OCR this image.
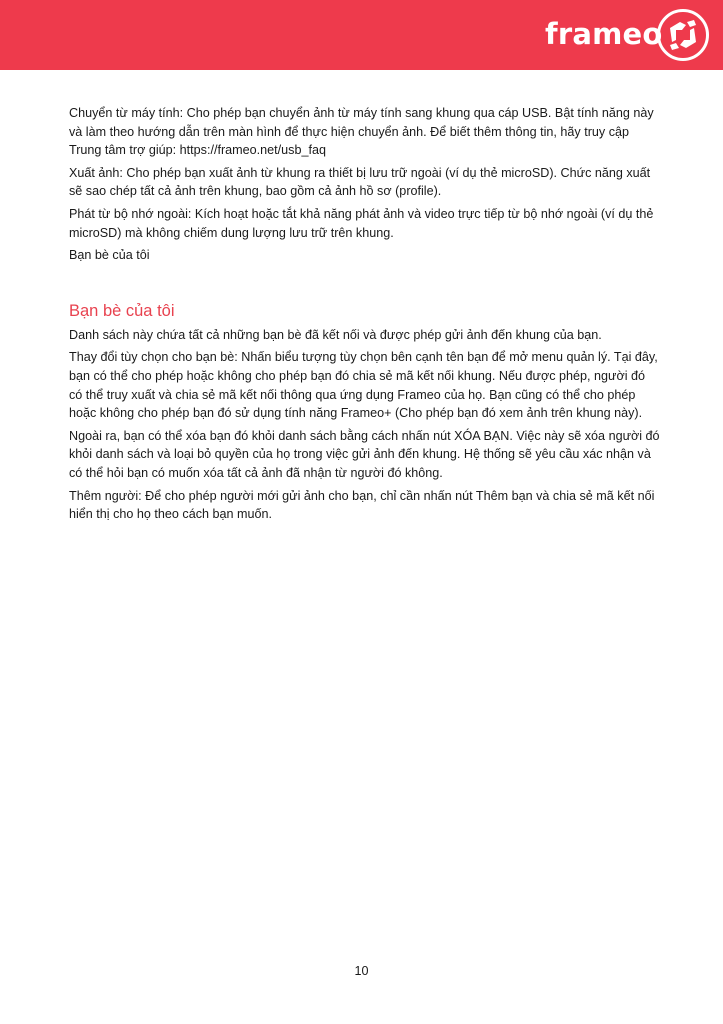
frameo

Chuyển từ máy tính: Cho phép bạn chuyển ảnh từ máy tính sang khung qua cáp USB. Bật tính năng này và làm theo hướng dẫn trên màn hình để thực hiện chuyển ảnh. Để biết thêm thông tin, hãy truy cập Trung tâm trợ giúp: https://frameo.net/usb_faq

Xuất ảnh: Cho phép bạn xuất ảnh từ khung ra thiết bị lưu trữ ngoài (ví dụ thẻ microSD). Chức năng xuất sẽ sao chép tất cả ảnh trên khung, bao gồm cả ảnh hồ sơ (profile).

Phát từ bộ nhớ ngoài: Kích hoạt hoặc tắt khả năng phát ảnh và video trực tiếp từ bộ nhớ ngoài (ví dụ thẻ microSD) mà không chiếm dung lượng lưu trữ trên khung.

Bạn bè của tôi

Bạn bè của tôi

Danh sách này chứa tất cả những bạn bè đã kết nối và được phép gửi ảnh đến khung của bạn.

Thay đổi tùy chọn cho bạn bè: Nhấn biểu tượng tùy chọn bên cạnh tên bạn để mở menu quản lý. Tại đây, bạn có thể cho phép hoặc không cho phép bạn đó chia sẻ mã kết nối khung. Nếu được phép, người đó có thể truy xuất và chia sẻ mã kết nối thông qua ứng dụng Frameo của họ. Bạn cũng có thể cho phép hoặc không cho phép bạn đó sử dụng tính năng Frameo+ (Cho phép bạn đó xem ảnh trên khung này).

Ngoài ra, bạn có thể xóa bạn đó khỏi danh sách bằng cách nhấn nút XÓA BẠN. Việc này sẽ xóa người đó khỏi danh sách và loại bỏ quyền của họ trong việc gửi ảnh đến khung. Hệ thống sẽ yêu cầu xác nhận và có thể hỏi bạn có muốn xóa tất cả ảnh đã nhận từ người đó không.

Thêm người: Để cho phép người mới gửi ảnh cho bạn, chỉ cần nhấn nút Thêm bạn và chia sẻ mã kết nối hiển thị cho họ theo cách bạn muốn.

10
